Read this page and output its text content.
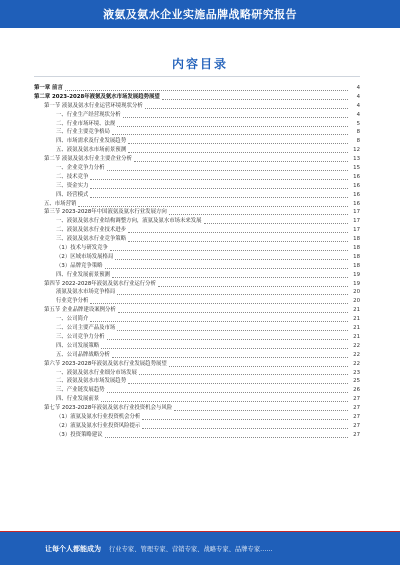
液氨及氨水企业实施品牌战略研究报告
内容目录
第一章 前言	4
第二章 2023-2028年液氨及氨水市场发展趋势展望	4
第一节 液氨及氨水行业运营环境现状分析	4
一、行业生产经营现状分析	4
二、行业市场环境、法规	5
三、行业主要竞争格局	8
四、市场需求及行业发展趋势	8
五、液氨及氨水市场前景预测	12
第二节 液氨及氨水行业主要企业分析	13
一、企业竞争力分析	15
二、技术竞争	16
三、资金实力	16
四、经营模式	16
五、市场营销	16
第三节 2023-2028年中国液氨及氨水行业发展方向	17
一、液氨及氨水行业结构调整方向，液氨及氨水市场未来发展	17
二、液氨及氨水行业技术进步	17
三、液氨及氨水行业竞争策略	18
（1）技术与研发竞争	18
（2）区域市场发展格局	18
（3）品牌竞争策略	18
四、行业发展前景预测	19
第四节 2022-2028年液氨及氨水行业运行分析	19
液氨及氨水市场竞争格局	20
行业竞争分析	20
第五节 企业品牌建设案例分析	21
一、公司简介	21
二、公司主要产品及市场	21
三、公司竞争力分析	21
四、公司发展策略	22
五、公司品牌战略分析	22
第六节 2023-2028年液氨及氨水行业发展趋势展望	22
一、液氨及氨水行业细分市场发展	23
二、液氨及氨水市场发展趋势	25
三、产业链发展趋势	26
四、行业发展前景	27
第七节 2023-2028年液氨及氨水行业投资机会与风险	27
（1）液氨及氨水行业投资机会分析	27
（2）液氨及氨水行业投资风险提示	27
（3）投资策略建议	27
让每个人都能成为 行业专家、管理专家、营销专家、战略专家、品牌专家……
